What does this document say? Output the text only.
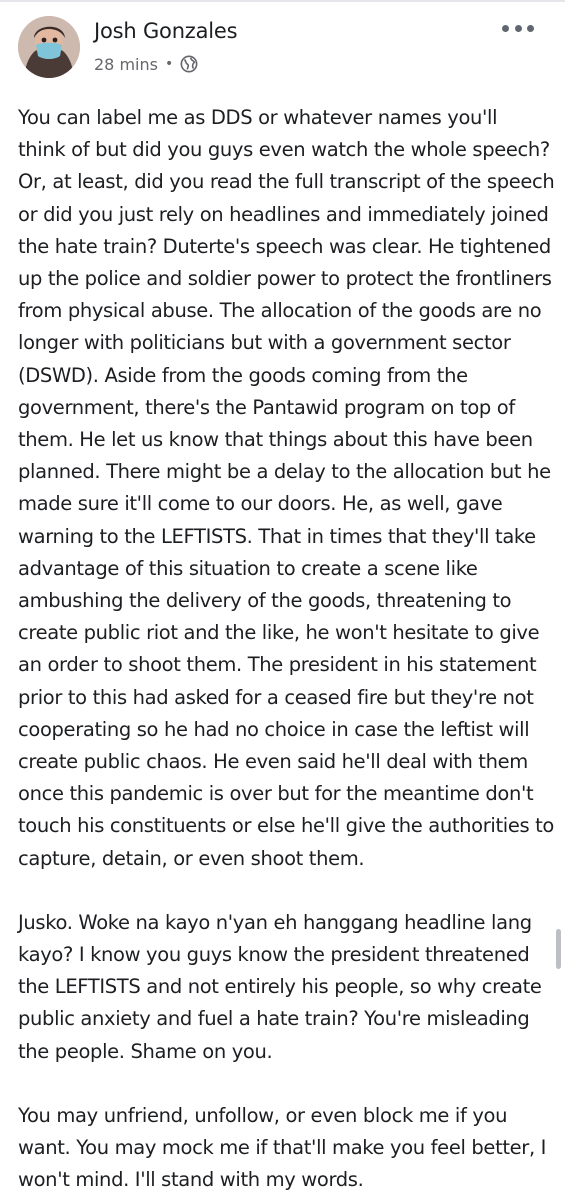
Josh Gonzales
28 mins •
You can label me as DDS or whatever names you'll
think of but did you guys even watch the whole speech?
Or, at least, did you read the full transcript of the speech
or did you just rely on headlines and immediately joined
the hate train? Duterte's speech was clear. He tightened
up the police and soldier power to protect the frontliners
from physical abuse. The allocation of the goods are no
longer with politicians but with a government sector
(DSWD). Aside from the goods coming from the
government, there's the Pantawid program on top of
them. He let us know that things about this have been
planned. There might be a delay to the allocation but he
made sure it'll come to our doors. He, as well, gave
warning to the LEFTISTS. That in times that they'll take
advantage of this situation to create a scene like
ambushing the delivery of the goods, threatening to
create public riot and the like, he won't hesitate to give
an order to shoot them. The president in his statement
prior to this had asked for a ceased fire but they're not
cooperating so he had no choice in case the leftist will
create public chaos. He even said he'll deal with them
once this pandemic is over but for the meantime don't
touch his constituents or else he'll give the authorities to
capture, detain, or even shoot them.
Jusko. Woke na kayo n'yan eh hanggang headline lang
kayo? I know you guys know the president threatened
the LEFTISTS and not entirely his people, so why create
public anxiety and fuel a hate train? You're misleading
the people. Shame on you.
You may unfriend, unfollow, or even block me if you
want. You may mock me if that'll make you feel better, I
won't mind. I'll stand with my words.
